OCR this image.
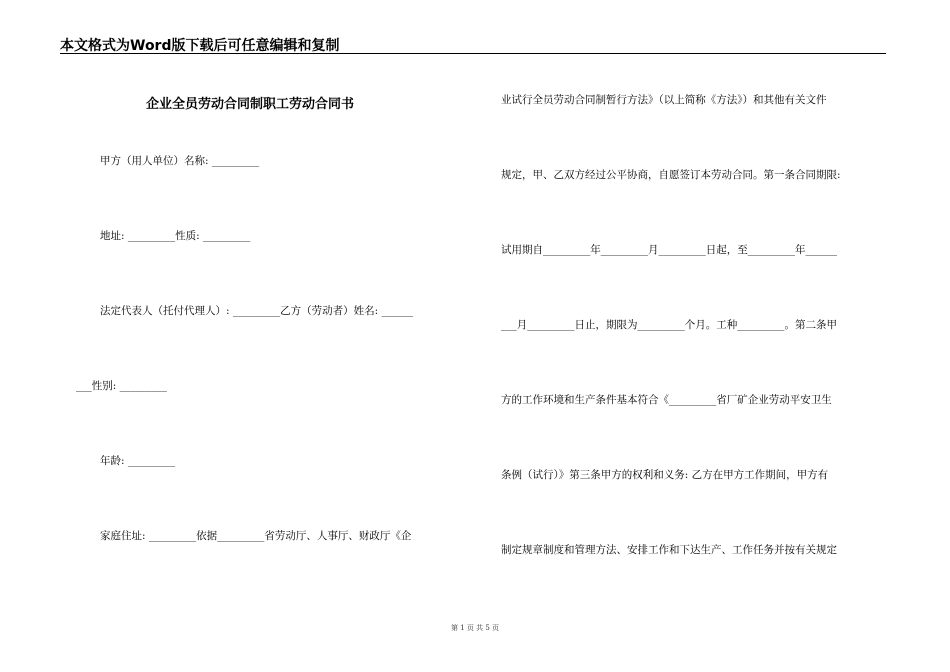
本文格式为Word版下载后可任意编辑和复制
企业全员劳动合同制职工劳动合同书
甲方（用人单位）名称: _________
地址: _________性质: _________
法定代表人（托付代理人）: _________乙方（劳动者）姓名: ______
___性别: _________
年龄: _________
家庭住址: _________依据_________省劳动厅、人事厅、财政厅《企
业试行全员劳动合同制暂行方法》（以上简称《方法》）和其他有关文件
规定，甲、乙双方经过公平协商，自愿签订本劳动合同。第一条合同期限:
试用期自_________年_________月_________日起，至_________年______
___月_________日止，期限为_________个月。工种_________。第二条甲
方的工作环境和生产条件基本符合《_________省厂矿企业劳动平安卫生
条例（试行）》第三条甲方的权利和义务: 乙方在甲方工作期间，甲方有
制定规章制度和管理方法、安排工作和下达生产、工作任务并按有关规定
第 1 页 共 5 页
